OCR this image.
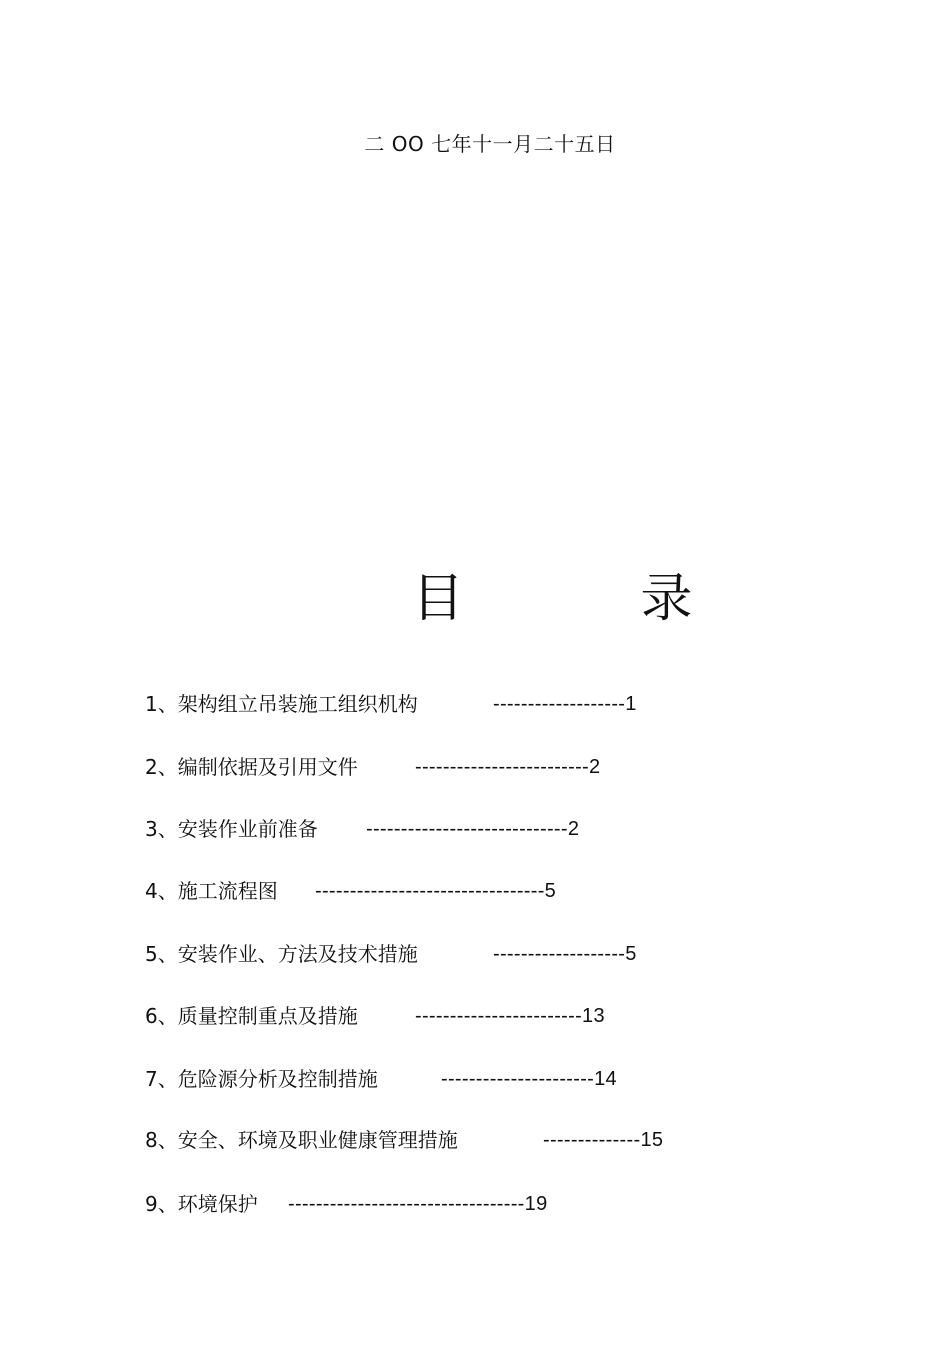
二 OO 七年十一月二十五日
目 录
1、架构组立吊装施工组织机构	-------------------1
2、编制依据及引用文件	-------------------------2
3、安装作业前准备 -----------------------------2
4、施工流程图 ---------------------------------5
5、安装作业、方法及技术措施	-------------------5
6、质量控制重点及措施	------------------------13
7、危险源分析及控制措施	----------------------14
8、安全、环境及职业健康管理措施	--------------15
9、环境保护 ----------------------------------19
